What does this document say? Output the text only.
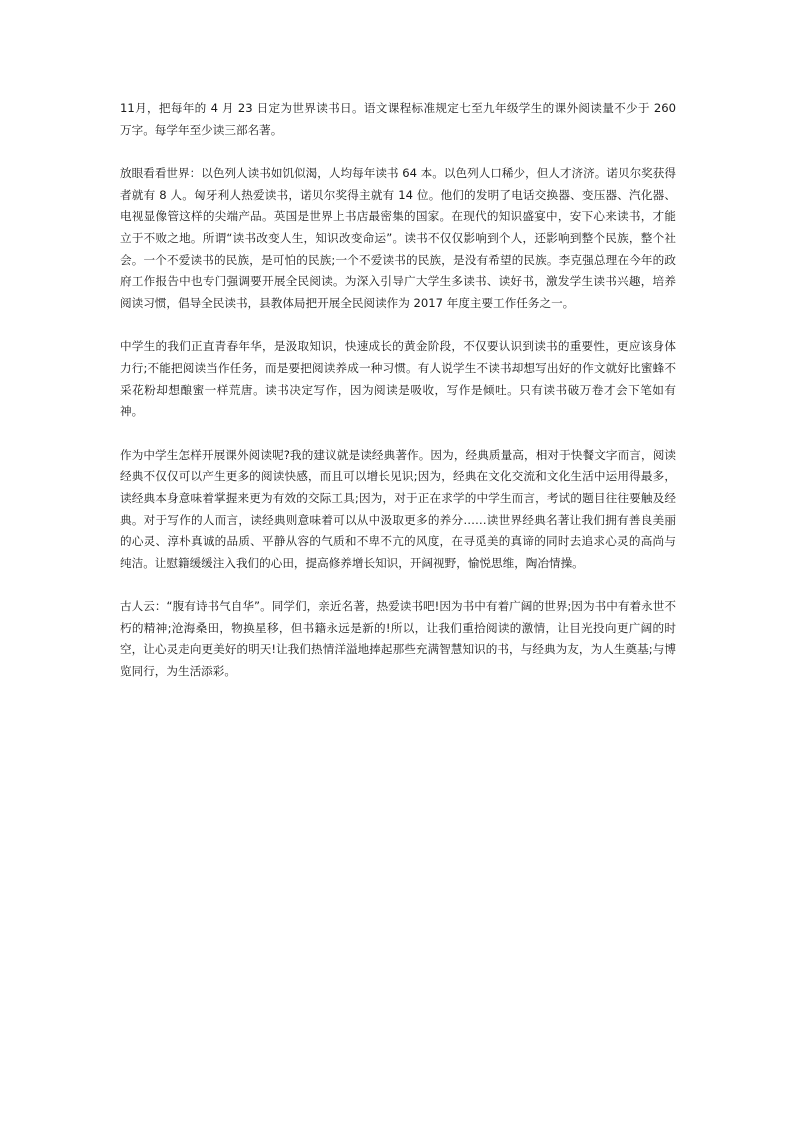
11月，把每年的 4 月 23 日定为世界读书日。语文课程标准规定七至九年级学生的课外阅读量不少于 260 万字。每学年至少读三部名著。

放眼看看世界：以色列人读书如饥似渴，人均每年读书 64 本。以色列人口稀少，但人才济济。诺贝尔奖获得者就有 8 人。匈牙利人热爱读书，诺贝尔奖得主就有 14 位。他们的发明了电话交换器、变压器、汽化器、电视显像管这样的尖端产品。英国是世界上书店最密集的国家。在现代的知识盛宴中，安下心来读书，才能立于不败之地。所谓“读书改变人生，知识改变命运”。读书不仅仅影响到个人，还影响到整个民族，整个社会。一个不爱读书的民族，是可怕的民族;一个不爱读书的民族，是没有希望的民族。李克强总理在今年的政府工作报告中也专门强调要开展全民阅读。为深入引导广大学生多读书、读好书，激发学生读书兴趣，培养阅读习惯，倡导全民读书，县教体局把开展全民阅读作为 2017 年度主要工作任务之一。

中学生的我们正直青春年华，是汲取知识，快速成长的黄金阶段，不仅要认识到读书的重要性，更应该身体力行;不能把阅读当作任务，而是要把阅读养成一种习惯。有人说学生不读书却想写出好的作文就好比蜜蜂不采花粉却想酿蜜一样荒唐。读书决定写作，因为阅读是吸收，写作是倾吐。只有读书破万卷才会下笔如有神。

作为中学生怎样开展课外阅读呢?我的建议就是读经典著作。因为，经典质量高，相对于快餐文字而言，阅读经典不仅仅可以产生更多的阅读快感，而且可以增长见识;因为，经典在文化交流和文化生活中运用得最多，读经典本身意味着掌握来更为有效的交际工具;因为，对于正在求学的中学生而言，考试的题目往往要触及经典。对于写作的人而言，读经典则意味着可以从中汲取更多的养分……读世界经典名著让我们拥有善良美丽的心灵、淳朴真诚的品质、平静从容的气质和不卑不亢的风度，在寻觅美的真谛的同时去追求心灵的高尚与纯洁。让慰籍缓缓注入我们的心田，提高修养增长知识，开阔视野，愉悦思维，陶冶情操。

古人云：“腹有诗书气自华”。同学们，亲近名著，热爱读书吧!因为书中有着广阔的世界;因为书中有着永世不朽的精神;沧海桑田，物换星移，但书籍永远是新的!所以，让我们重拾阅读的激情，让目光投向更广阔的时空，让心灵走向更美好的明天!让我们热情洋溢地捧起那些充满智慧知识的书，与经典为友，为人生奠基;与博览同行，为生活添彩。
